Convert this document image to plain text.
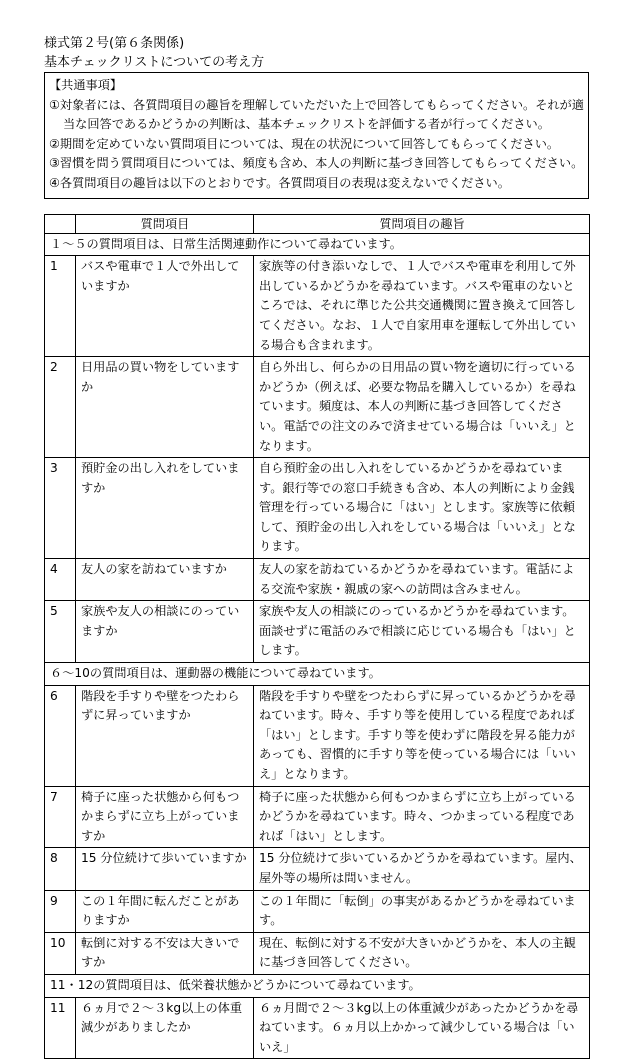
様式第２号(第６条関係)
基本チェックリストについての考え方
【共通事項】
①対象者には、各質問項目の趣旨を理解していただいた上で回答してもらってください。それが適当な回答であるかどうかの判断は、基本チェックリストを評価する者が行ってください。
②期間を定めていない質問項目については、現在の状況について回答してもらってください。
③習慣を問う質問項目については、頻度も含め、本人の判断に基づき回答してもらってください。
④各質問項目の趣旨は以下のとおりです。各質問項目の表現は変えないでください。
	質問項目	質問項目の趣旨
１～５の質問項目は、日常生活関連動作について尋ねています。		
1	バスや電車で１人で外出していますか	家族等の付き添いなしで、１人でバスや電車を利用して外出しているかどうかを尋ねています。バスや電車のないところでは、それに準じた公共交通機関に置き換えて回答してください。なお、１人で自家用車を運転して外出している場合も含まれます。
2	日用品の買い物をしていますか	自ら外出し、何らかの日用品の買い物を適切に行っているかどうか（例えば、必要な物品を購入しているか）を尋ねています。頻度は、本人の判断に基づき回答してください。電話での注文のみで済ませている場合は「いいえ」となります。
3	預貯金の出し入れをしていますか	自ら預貯金の出し入れをしているかどうかを尋ねています。銀行等での窓口手続きも含め、本人の判断により金銭管理を行っている場合に「はい」とします。家族等に依頼して、預貯金の出し入れをしている場合は「いいえ」となります。
4	友人の家を訪ねていますか	友人の家を訪ねているかどうかを尋ねています。電話による交流や家族・親戚の家への訪問は含みません。
5	家族や友人の相談にのっていますか	家族や友人の相談にのっているかどうかを尋ねています。面談せずに電話のみで相談に応じている場合も「はい」とします。
６～10の質問項目は、運動器の機能について尋ねています。		
6	階段を手すりや壁をつたわらずに昇っていますか	階段を手すりや壁をつたわらずに昇っているかどうかを尋ねています。時々、手すり等を使用している程度であれば「はい」とします。手すり等を使わずに階段を昇る能力があっても、習慣的に手すり等を使っている場合には「いいえ」となります。
7	椅子に座った状態から何もつかまらずに立ち上がっていますか	椅子に座った状態から何もつかまらずに立ち上がっているかどうかを尋ねています。時々、つかまっている程度であれば「はい」とします。
8	15 分位続けて歩いていますか	15 分位続けて歩いているかどうかを尋ねています。屋内、屋外等の場所は問いません。
9	この１年間に転んだことがありますか	この１年間に「転倒」の事実があるかどうかを尋ねています。
10	転倒に対する不安は大きいですか	現在、転倒に対する不安が大きいかどうかを、本人の主観に基づき回答してください。
11・12の質問項目は、低栄養状態かどうかについて尋ねています。		
11	６ヵ月で２～３kg以上の体重減少がありましたか	６ヵ月間で２～３kg以上の体重減少があったかどうかを尋ねています。６ヵ月以上かかって減少している場合は「いいえ」
